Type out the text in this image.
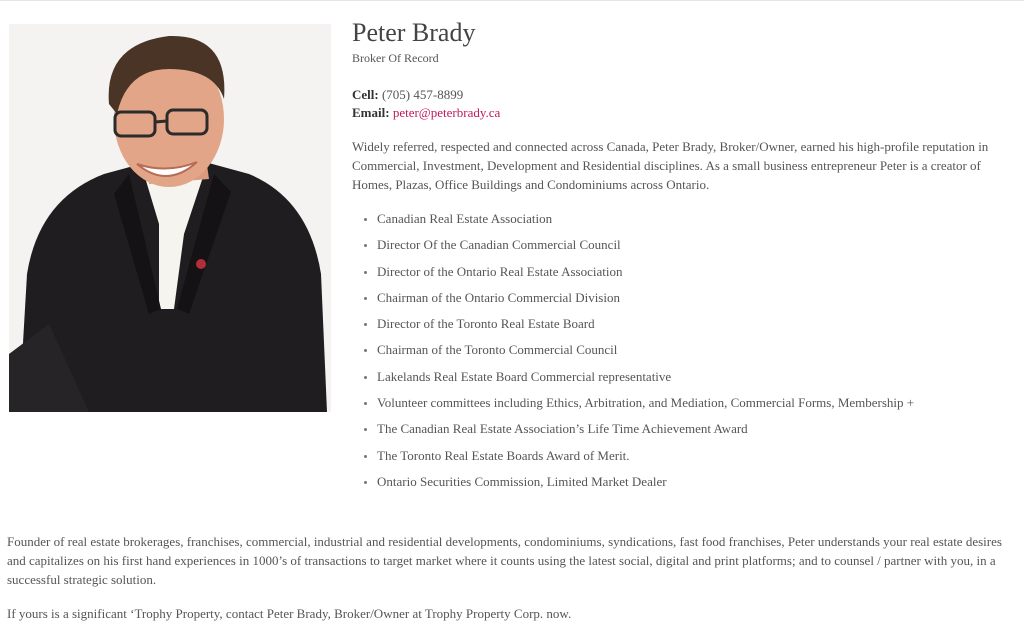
Peter Brady
Broker Of Record
Cell: (705) 457-8899
Email: peter@peterbrady.ca
Widely referred, respected and connected across Canada, Peter Brady, Broker/Owner, earned his high-profile reputation in Commercial, Investment, Development and Residential disciplines. As a small business entrepreneur Peter is a creator of Homes, Plazas, Office Buildings and Condominiums across Ontario.
• Canadian Real Estate Association
• Director Of the Canadian Commercial Council
• Director of the Ontario Real Estate Association
• Chairman of the Ontario Commercial Division
• Director of the Toronto Real Estate Board
• Chairman of the Toronto Commercial Council
• Lakelands Real Estate Board Commercial representative
• Volunteer committees including Ethics, Arbitration, and Mediation, Commercial Forms, Membership +
• The Canadian Real Estate Association’s Life Time Achievement Award
• The Toronto Real Estate Boards Award of Merit.
• Ontario Securities Commission, Limited Market Dealer

Founder of real estate brokerages, franchises, commercial, industrial and residential developments, condominiums, syndications, fast food franchises, Peter understands your real estate desires and capitalizes on his first hand experiences in 1000’s of transactions to target market where it counts using the latest social, digital and print platforms; and to counsel / partner with you, in a successful strategic solution.

If yours is a significant ‘Trophy Property, contact Peter Brady, Broker/Owner at Trophy Property Corp. now.
